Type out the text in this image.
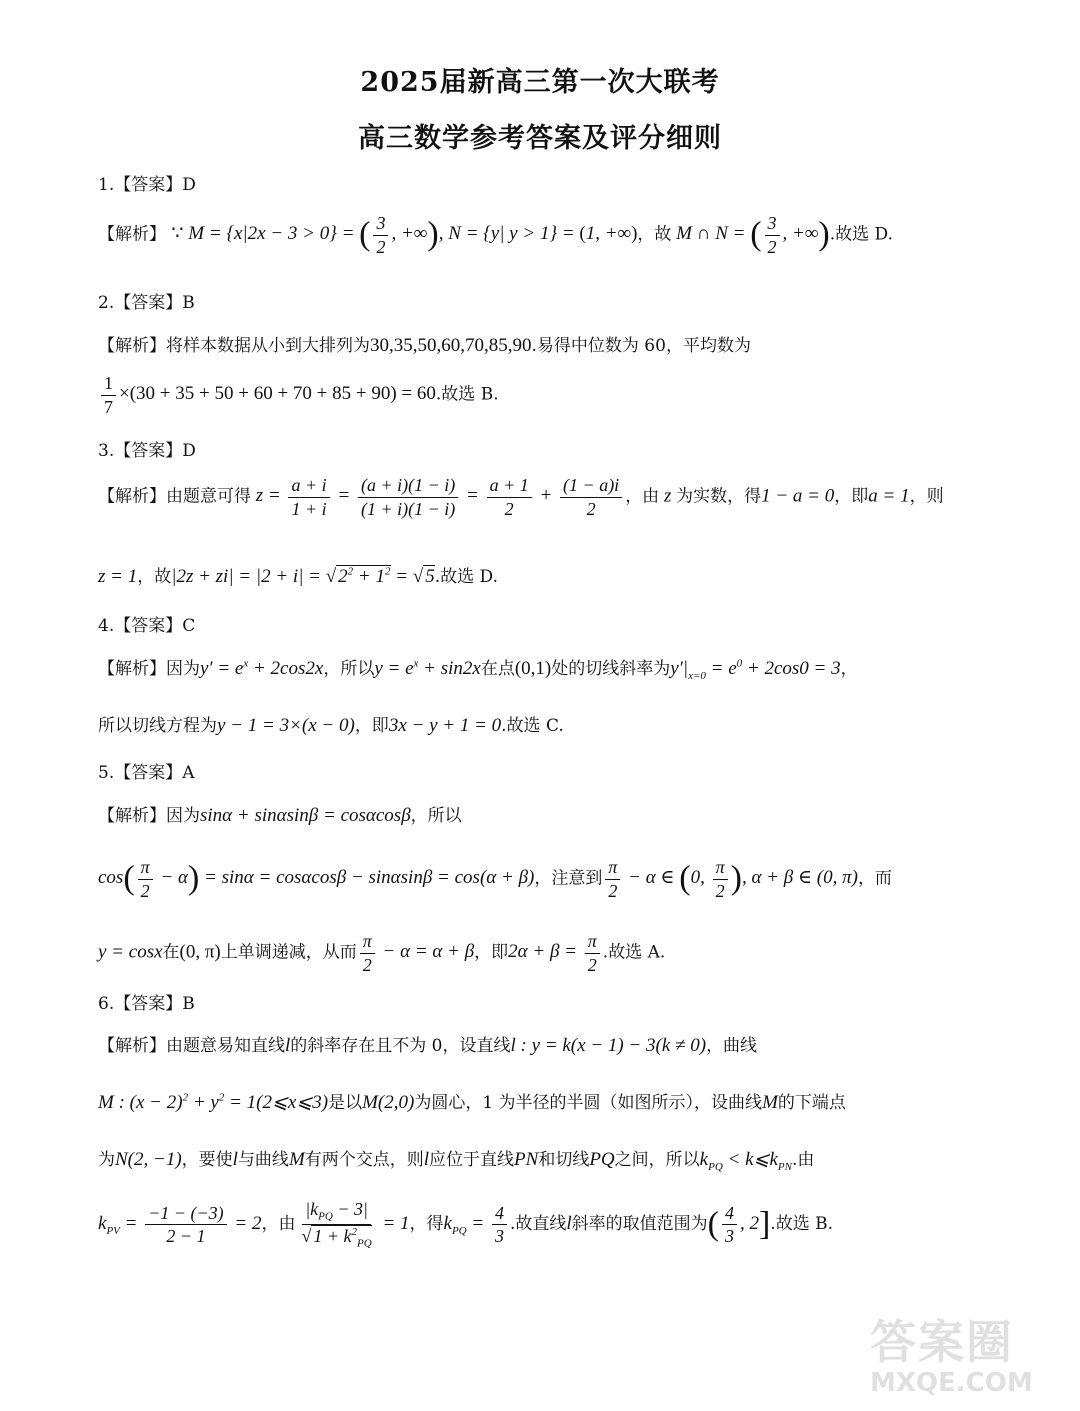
2025届新高三第一次大联考
高三数学参考答案及评分细则
1.【答案】D
【解析】 ∵ M = {x|2x − 3 > 0} = ( $\frac{3}{2}$ , +∞), N = {y| y > 1} = (1, +∞)，故 M ∩ N = ( $\frac{3}{2}$ , +∞).故选 D.
2.【答案】B
【解析】将样本数据从小到大排列为30,35,50,60,70,85,90.易得中位数为 60，平均数为
$\frac{1}{7} \times(30 + 35 + 50 + 60 + 70 + 85 + 90) = 60$.故选 B.
3.【答案】D
【解析】由题意可得 $z = \frac{a + i}{1 + i} = \frac{(a + i)(1 - i)}{(1 + i)(1 - i)} = \frac{a + 1}{2} + \frac{(1 - a)i}{2}$ ，由 z 为实数，得1 − a = 0，即a = 1，则
z = 1，故|2z + zi| = |2 + i| = √ $2^2 + 1^2$ = √ 5.故选 D.
4.【答案】C
【解析】因为$y' = e^x + 2\cos 2x$，所以$y = e^x + \sin 2x$在点(0,1)处的切线斜率为$y'|_{x=0} = e^0 + 2\cos 0 = 3$，
所以切线方程为y − 1 = 3×(x − 0)，即3x − y + 1 = 0.故选 C.
5.【答案】A
【解析】因为sinα + sinαsinβ = cosαcosβ，所以
$\cos( \frac{\pi}{2} - \alpha) = \sin\alpha = \cos\alpha\cos\beta - \sin\alpha\sin\beta = \cos(\alpha + \beta)$，注意到 $\frac{\pi}{2} - \alpha$ ∈ (0, $\frac{\pi}{2}$ ), α + β ∈ (0, π)，而
y = cosx在(0, π)上单调递减，从而 $\frac{\pi}{2} - \alpha = \alpha + \beta$，即$2\alpha + \beta = \frac{\pi}{2}$ .故选 A.
6.【答案】B
【解析】由题意易知直线l的斜率存在且不为 0，设直线l : y = k(x − 1) − 3(k ≠ 0)，曲线
M : $(x - 2)^2 + y^2$ = 1(2⩽x⩽3)是以M(2,0)为圆心，1 为半径的半圆（如图所示），设曲线M的下端点
为N(2, −1)，要使l与曲线M有两个交点，则l应位于直线PN和切线PQ之间，所以$k_{PQ}$ < $k⩽k_{PN}$.由
$k_{PV} = \frac{-1 - (-3)}{2 - 1} = 2$，由 $\frac{|k_{PQ} - 3|}{√ 1 + k^2_{PQ}} = 1$，得$k_{PQ} = \frac{4}{3}$ .故直线l斜率的取值范围为( $\frac{4}{3}$ , 2].故选 B.
答案圈
MXQE.COM
